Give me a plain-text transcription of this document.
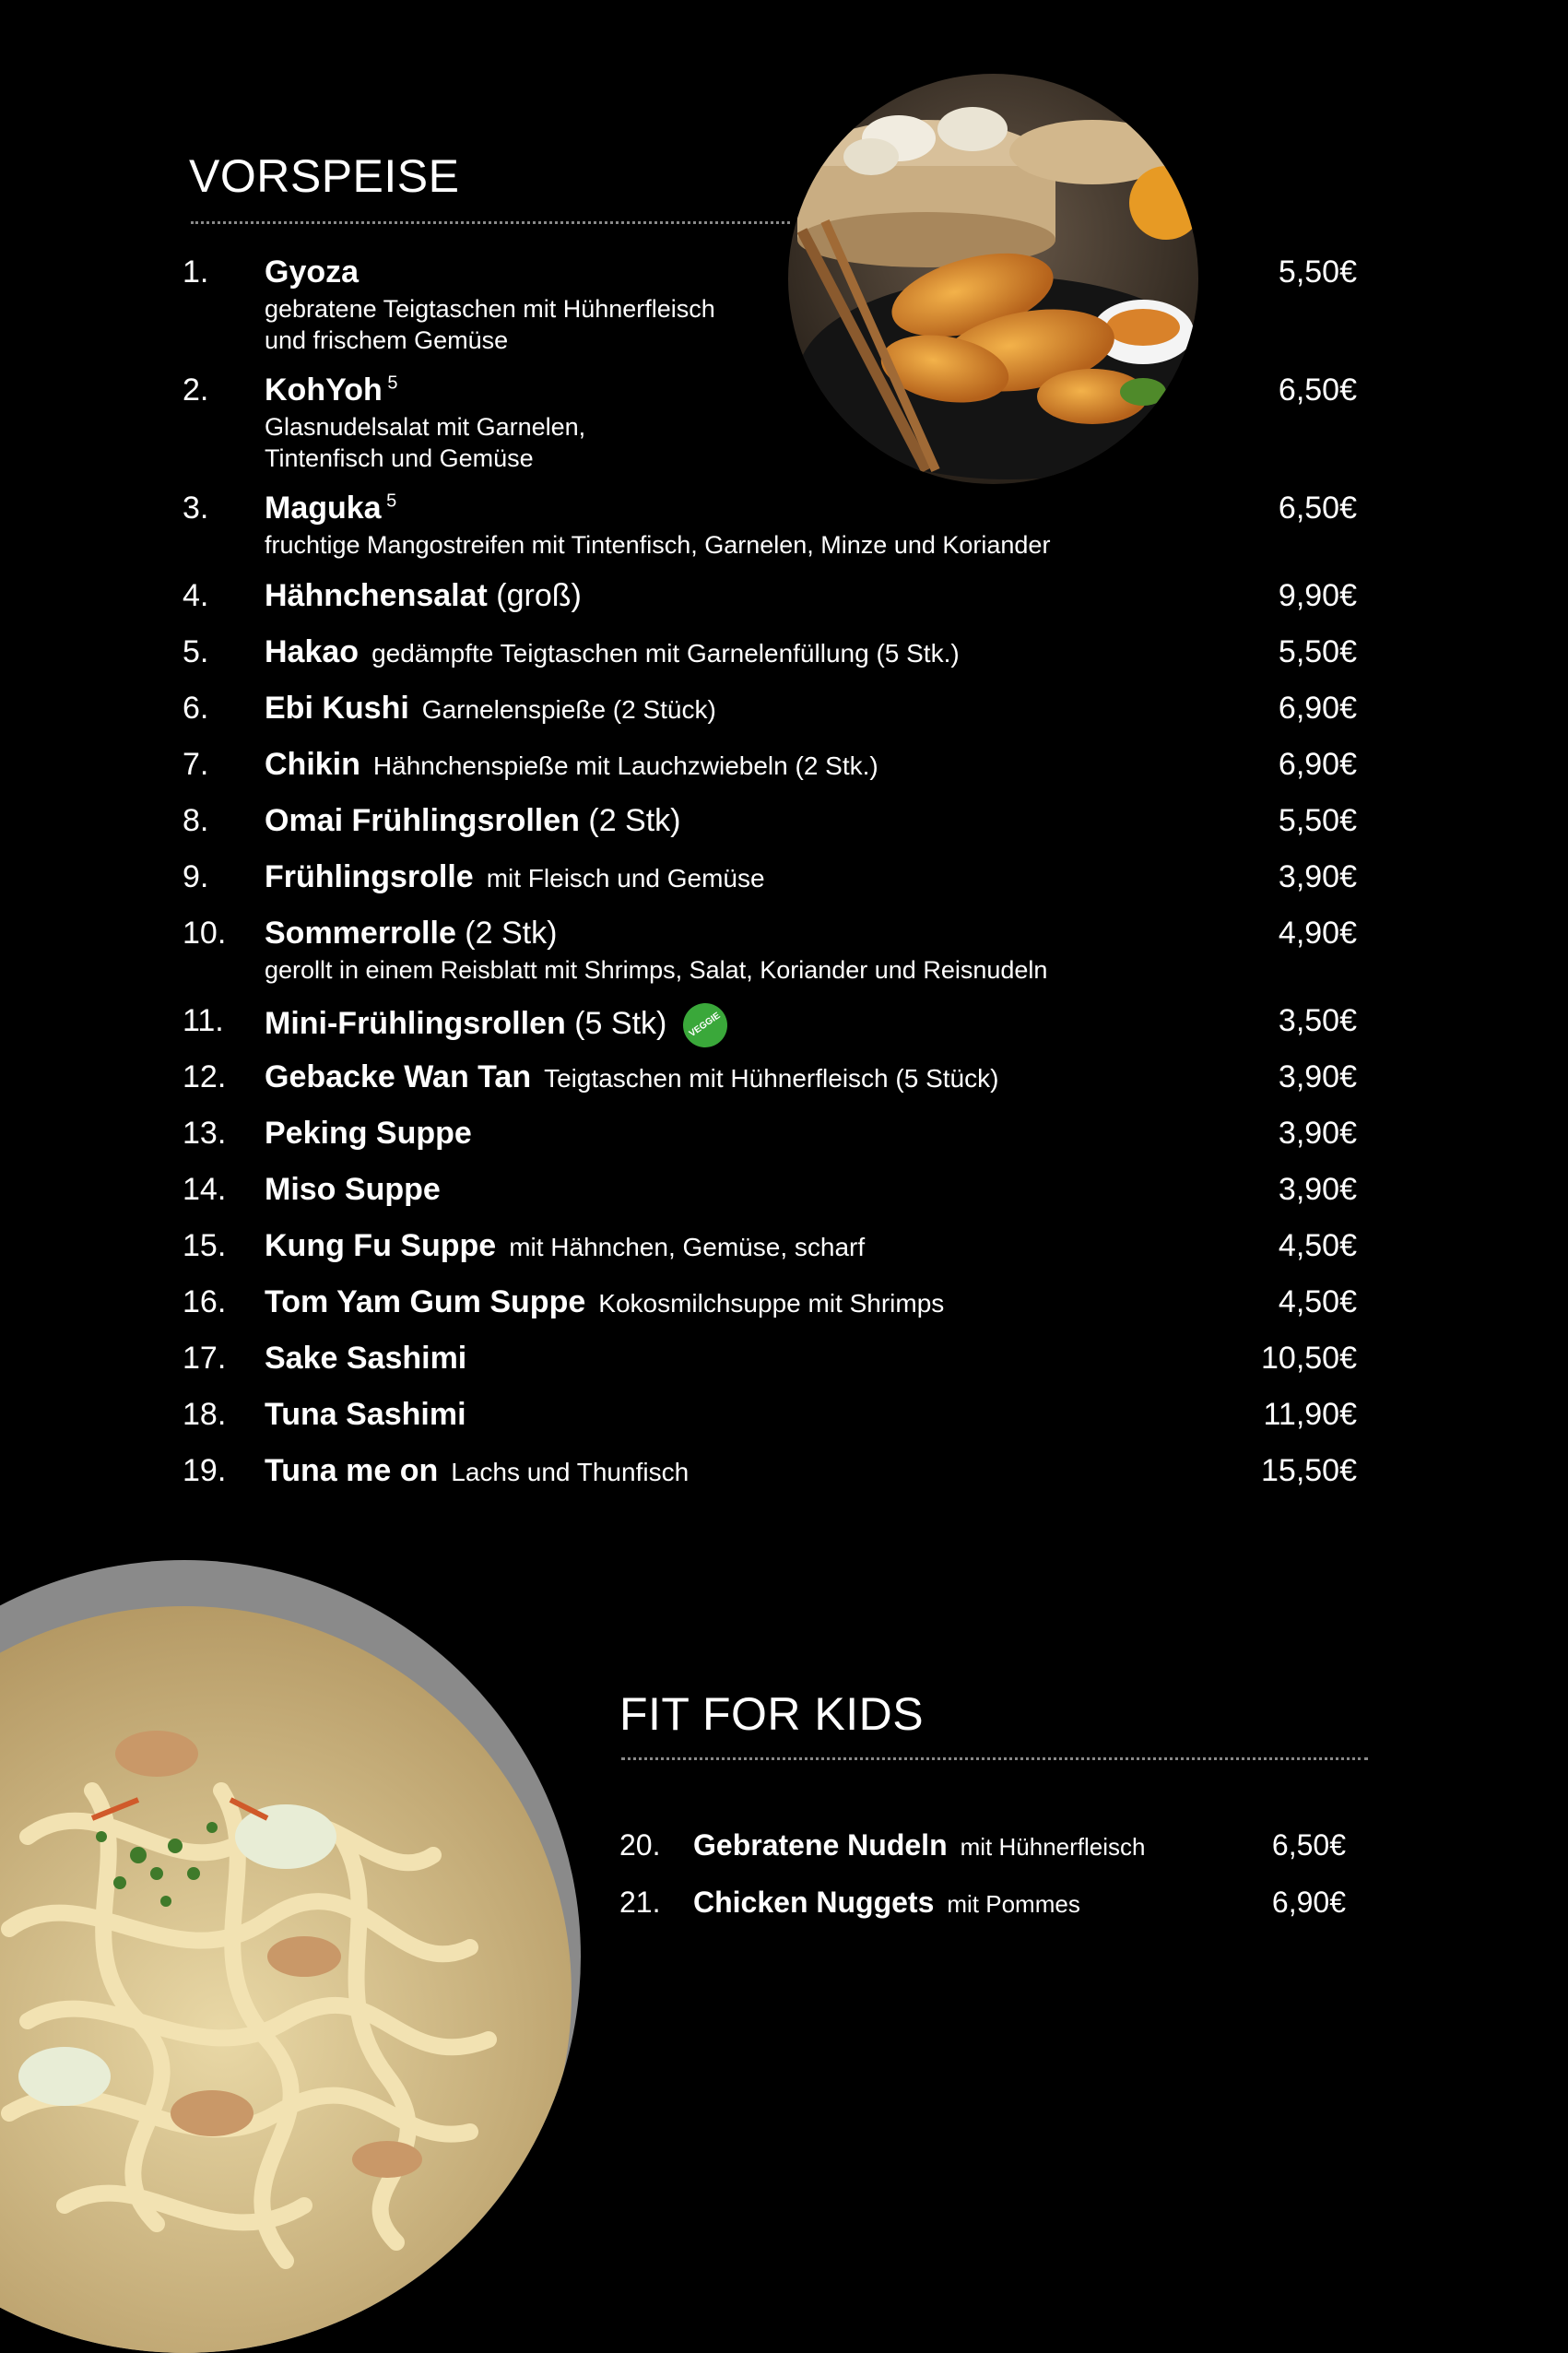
VORSPEISE
1. Gyoza
gebratene Teigtaschen mit Hühnerfleisch
und frischem Gemüse
5,50€
2. KohYoh $^5$
Glasnudelsalat mit Garnelen,
Tintenfisch und Gemüse
6,50€
3. Maguka $^5$
fruchtige Mangostreifen mit Tintenfisch, Garnelen, Minze und Koriander
6,50€
4. Hähnchensalat (groß)	9,90€
5. Hakao gedämpfte Teigtaschen mit Garnelenfüllung (5 Stk.)	5,50€
6. Ebi Kushi Garnelenspieße (2 Stück)	6,90€
7. Chikin Hähnchenspieße mit Lauchzwiebeln (2 Stk.)	6,90€
8. Omai Frühlingsrollen (2 Stk)	5,50€
9. Frühlingsrolle mit Fleisch und Gemüse	3,90€
10. Sommerrolle (2 Stk)
gerollt in einem Reisblatt mit Shrimps, Salat, Koriander und Reisnudeln
4,90€
11. Mini-Frühlingsrollen (5 Stk) VEGGIE	3,50€
12. Gebacke Wan Tan Teigtaschen mit Hühnerfleisch (5 Stück)	3,90€
13. Peking Suppe	3,90€
14. Miso Suppe	3,90€
15. Kung Fu Suppe mit Hähnchen, Gemüse, scharf	4,50€
16. Tom Yam Gum Suppe Kokosmilchsuppe mit Shrimps	4,50€
17. Sake Sashimi	10,50€
18. Tuna Sashimi	11,90€
19. Tuna me on Lachs und Thunfisch	15,50€
FIT FOR KIDS
20. Gebratene Nudeln mit Hühnerfleisch	6,50€
21. Chicken Nuggets mit Pommes	6,90€
